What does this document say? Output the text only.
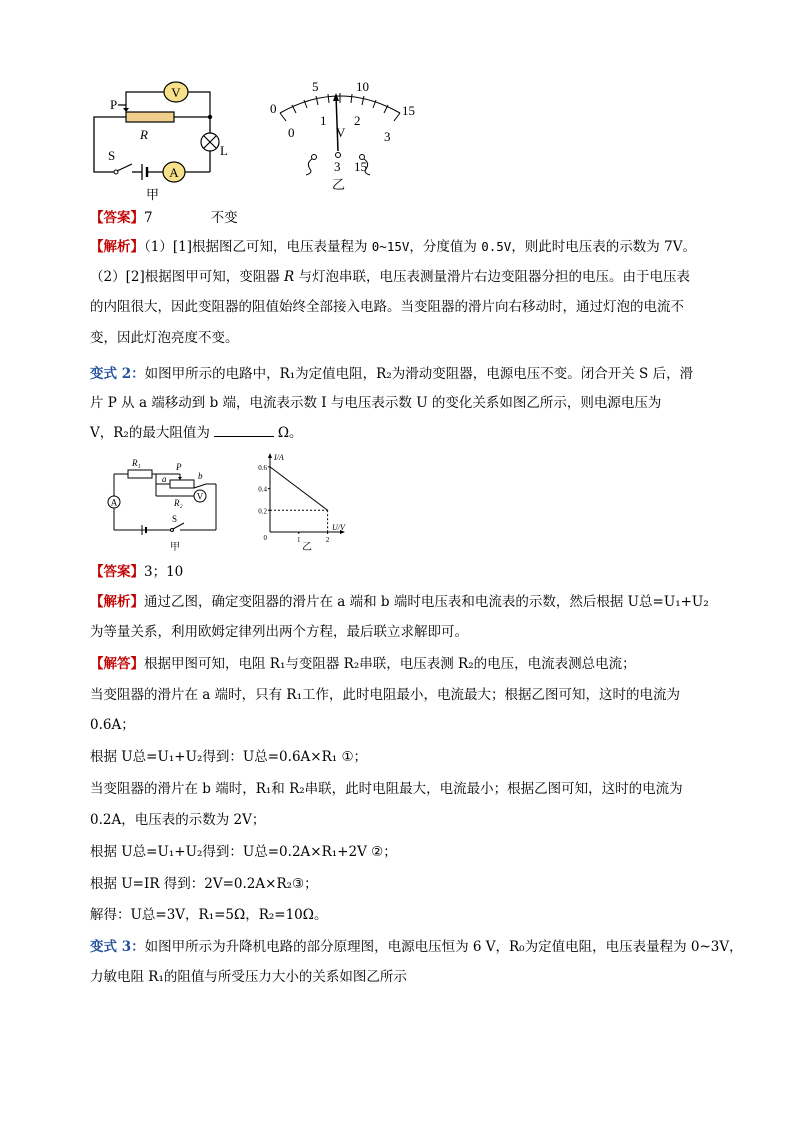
V
A
P
R
S	L
甲
0
5	10
15
0
1 2
3
V
3 15
乙
【答案】7	不变
【解析】（1）[1]根据图乙可知，电压表量程为 0~15V，分度值为 0.5V，则此时电压表的示数为 7V。
（2）[2]根据图甲可知，变阻器 R 与灯泡串联，电压表测量滑片右边变阻器分担的电压。由于电压表
的内阻很大，因此变阻器的阻值始终全部接入电路。当变阻器的滑片向右移动时，通过灯泡的电流不
变，因此灯泡亮度不变。
变式 2：如图甲所示的电路中，R₁为定值电阻，R₂为滑动变阻器，电源电压不变。闭合开关 S 后，滑
片 P 从 a 端移动到 b 端，电流表示数 I 与电压表示数 U 的变化关系如图乙所示，则电源电压为
V，R₂的最大阻值为	Ω。
V
A
R₁
R₂
a	b
P
S
甲
I/A
U/V
0.2
0.4
0.6
1	2
0
乙
【答案】3；10
【解析】通过乙图，确定变阻器的滑片在 a 端和 b 端时电压表和电流表的示数，然后根据 U总=U₁+U₂
为等量关系，利用欧姆定律列出两个方程，最后联立求解即可。
【解答】根据甲图可知，电阻 R₁与变阻器 R₂串联，电压表测 R₂的电压，电流表测总电流；
当变阻器的滑片在 a 端时，只有 R₁工作，此时电阻最小，电流最大；根据乙图可知，这时的电流为
0.6A；
根据 U总=U₁+U₂得到：U总=0.6A×R₁ ①；
当变阻器的滑片在 b 端时，R₁和 R₂串联，此时电阻最大，电流最小；根据乙图可知，这时的电流为
0.2A，电压表的示数为 2V；
根据 U总=U₁+U₂得到：U总=0.2A×R₁+2V ②；
根据 U=IR 得到：2V=0.2A×R₂③；
解得：U总=3V，R₁=5Ω，R₂=10Ω。
变式 3：如图甲所示为升降机电路的部分原理图，电源电压恒为 6 V，R₀为定值电阻，电压表量程为 0~3V，
力敏电阻 R₁的阻值与所受压力大小的关系如图乙所示
